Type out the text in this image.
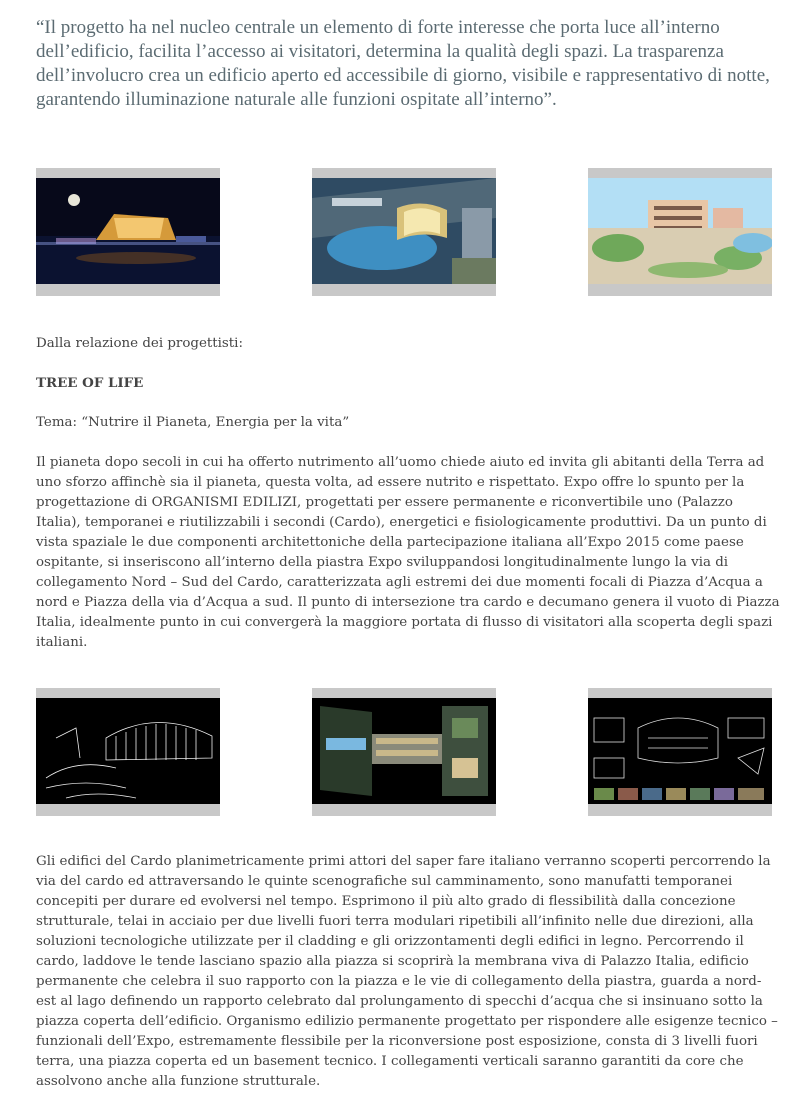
“Il progetto ha nel nucleo centrale un elemento di forte interesse che porta luce all’interno dell’edificio, facilita l’accesso ai visitatori, determina la qualità degli spazi. La trasparenza dell’involucro crea un edificio aperto ed accessibile di giorno, visibile e rappresentativo di notte, garantendo illuminazione naturale alle funzioni ospitate all’interno”.

Dalla relazione dei progettisti:

TREE OF LIFE

Tema: “Nutrire il Pianeta, Energia per la vita”

Il pianeta dopo secoli in cui ha offerto nutrimento all’uomo chiede aiuto ed invita gli abitanti della Terra ad uno sforzo affinchè sia il pianeta, questa volta, ad essere nutrito e rispettato. Expo offre lo spunto per la progettazione di ORGANISMI EDILIZI, progettati per essere permanente e riconvertibile uno (Palazzo Italia), temporanei e riutilizzabili i secondi (Cardo), energetici e fisiologicamente produttivi. Da un punto di vista spaziale le due componenti architettoniche della partecipazione italiana all’Expo 2015 come paese ospitante, si inseriscono all’interno della piastra Expo sviluppandosi longitudinalmente lungo la via di collegamento Nord – Sud del Cardo, caratterizzata agli estremi dei due momenti focali di Piazza d’Acqua a nord e Piazza della via d’Acqua a sud. Il punto di intersezione tra cardo e decumano genera il vuoto di Piazza Italia, idealmente punto in cui convergerà la maggiore portata di flusso di visitatori alla scoperta degli spazi italiani.

Gli edifici del Cardo planimetricamente primi attori del saper fare italiano verranno scoperti percorrendo la via del cardo ed attraversando le quinte scenografiche sul camminamento, sono manufatti temporanei concepiti per durare ed evolversi nel tempo. Esprimono il più alto grado di flessibilità dalla concezione strutturale, telai in acciaio per due livelli fuori terra modulari ripetibili all’infinito nelle due direzioni, alla soluzioni tecnologiche utilizzate per il cladding e gli orizzontamenti degli edifici in legno. Percorrendo il cardo, laddove le tende lasciano spazio alla piazza si scoprirà la membrana viva di Palazzo Italia, edificio permanente che celebra il suo rapporto con la piazza e le vie di collegamento della piastra, guarda a nord-est al lago definendo un rapporto celebrato dal prolungamento di specchi d’acqua che si insinuano sotto la piazza coperta dell’edificio. Organismo edilizio permanente progettato per rispondere alle esigenze tecnico – funzionali dell’Expo, estremamente flessibile per la riconversione post esposizione, consta di 3 livelli fuori terra, una piazza coperta ed un basement tecnico. I collegamenti verticali saranno garantiti da core che assolvono anche alla funzione strutturale.
